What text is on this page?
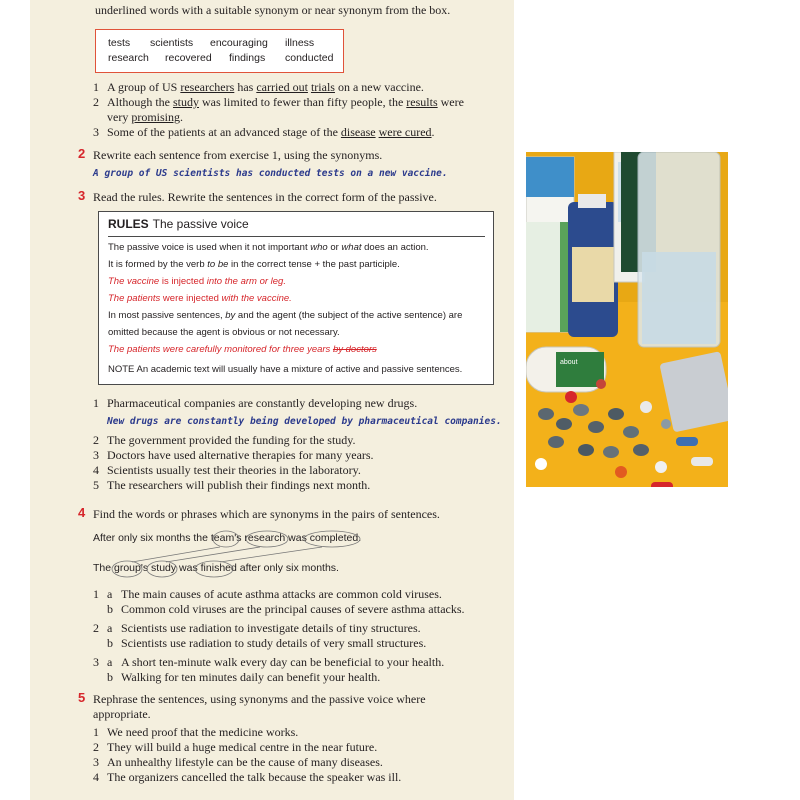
underlined words with a suitable synonym or near synonym from the box.
tests scientists encouraging illness
research recovered findings conducted
1 A group of US researchers has carried out trials on a new vaccine.
2 Although the study was limited to fewer than fifty people, the results were
very promising.
3 Some of the patients at an advanced stage of the disease were cured.
2 Rewrite each sentence from exercise 1, using the synonyms.
A group of US scientists has conducted tests on a new vaccine.
3 Read the rules. Rewrite the sentences in the correct form of the passive.
RULES The passive voice
The passive voice is used when it not important who or what does an action.
It is formed by the verb to be in the correct tense + the past participle.
The vaccine is injected into the arm or leg.
The patients were injected with the vaccine.
In most passive sentences, by and the agent (the subject of the active sentence) are
omitted because the agent is obvious or not necessary.
The patients were carefully monitored for three years by doctors
NOTE An academic text will usually have a mixture of active and passive sentences.
1 Pharmaceutical companies are constantly developing new drugs.
New drugs are constantly being developed by pharmaceutical companies.
2 The government provided the funding for the study.
3 Doctors have used alternative therapies for many years.
4 Scientists usually test their theories in the laboratory.
5 The researchers will publish their findings next month.
4 Find the words or phrases which are synonyms in the pairs of sentences.
After only six months the team's research was completed.
The group's study was finished after only six months.
1 a The main causes of acute asthma attacks are common cold viruses.
b Common cold viruses are the principal causes of severe asthma attacks.
2 a Scientists use radiation to investigate details of tiny structures.
b Scientists use radiation to study details of very small structures.
3 a A short ten-minute walk every day can be beneficial to your health.
b Walking for ten minutes daily can benefit your health.
5 Rephrase the sentences, using synonyms and the passive voice where
appropriate.
1 We need proof that the medicine works.
2 They will build a huge medical centre in the near future.
3 An unhealthy lifestyle can be the cause of many diseases.
4 The organizers cancelled the talk because the speaker was ill.
about
